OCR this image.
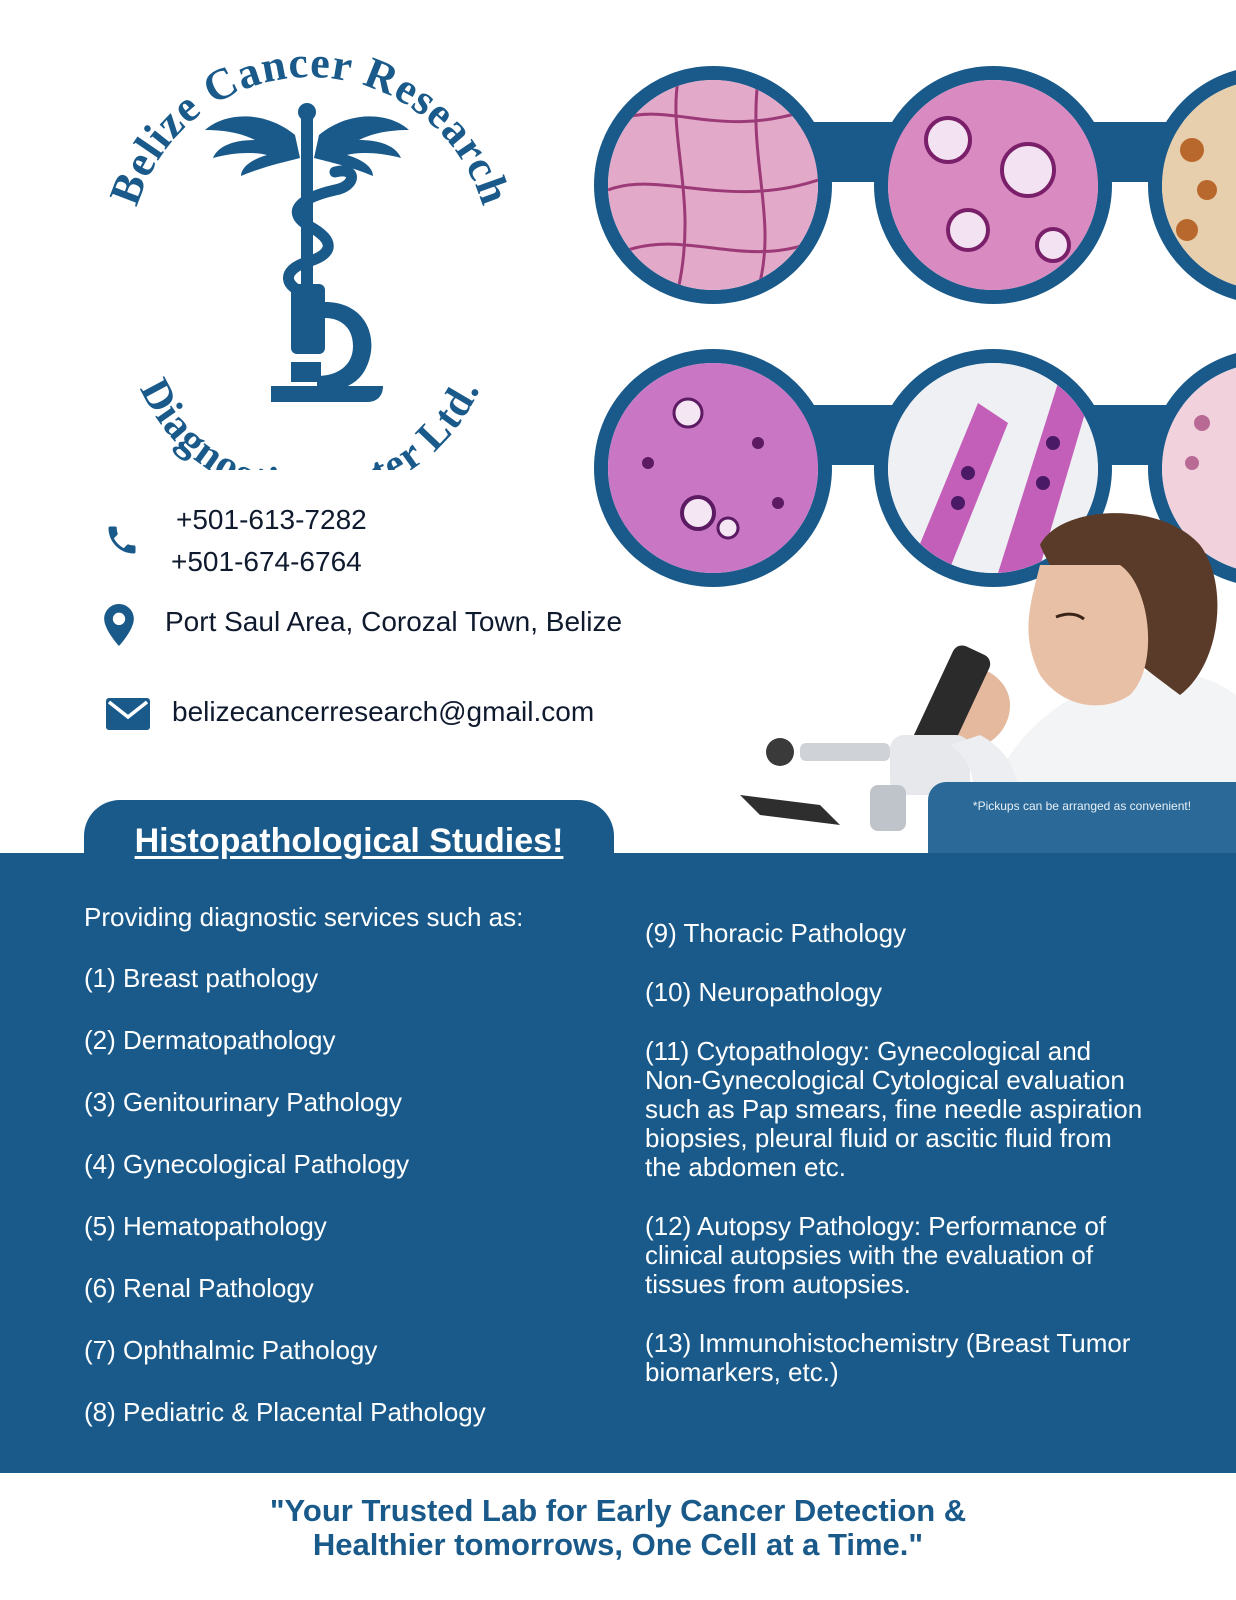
Belize Cancer Research
Diagno er Ltd.
+501-613-7282
+501-674-6764
Port Saul Area, Corozal Town, Belize
belizecancerresearch@gmail.com
*Pickups can be arranged as convenient!
Histopathological Studies!

Providing diagnostic services such as:

(1) Breast pathology

(2) Dermatopathology

(3) Genitourinary Pathology

(4) Gynecological Pathology

(5) Hematopathology

(6) Renal Pathology

(7) Ophthalmic Pathology

(8) Pediatric & Placental Pathology

(9) Thoracic Pathology

(10) Neuropathology

(11) Cytopathology: Gynecological and Non-Gynecological Cytological evaluation such as Pap smears, fine needle aspiration biopsies, pleural fluid or ascitic fluid from the abdomen etc.

(12) Autopsy Pathology: Performance of clinical autopsies with the evaluation of tissues from autopsies.

(13) Immunohistochemistry (Breast Tumor biomarkers, etc.)

"Your Trusted Lab for Early Cancer Detection &
Healthier tomorrows, One Cell at a Time."
